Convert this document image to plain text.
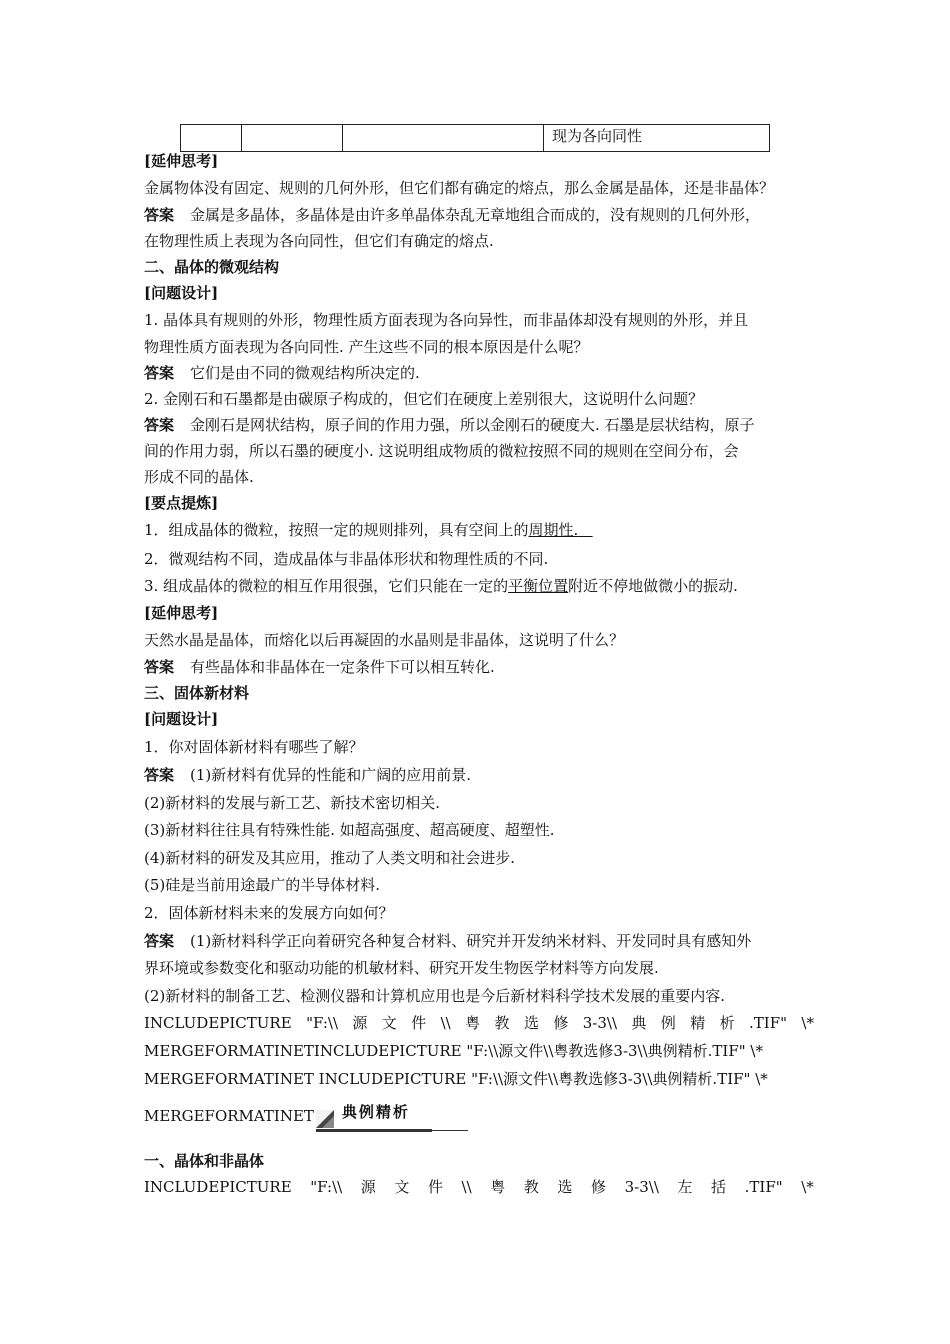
			现为各向同性
[延伸思考]
金属物体没有固定、规则的几何外形，但它们都有确定的熔点，那么金属是晶体，还是非晶体？
答案 金属是多晶体，多晶体是由许多单晶体杂乱无章地组合而成的，没有规则的几何外形，
在物理性质上表现为各向同性，但它们有确定的熔点.
二、晶体的微观结构
[问题设计]
1. 晶体具有规则的外形，物理性质方面表现为各向异性，而非晶体却没有规则的外形，并且
物理性质方面表现为各向同性. 产生这些不同的根本原因是什么呢？
答案 它们是由不同的微观结构所决定的.
2. 金刚石和石墨都是由碳原子构成的，但它们在硬度上差别很大，这说明什么问题？
答案 金刚石是网状结构，原子间的作用力强，所以金刚石的硬度大. 石墨是层状结构，原子
间的作用力弱，所以石墨的硬度小. 这说明组成物质的微粒按照不同的规则在空间分布，会
形成不同的晶体.
[要点提炼]
1．组成晶体的微粒，按照一定的规则排列，具有空间上的周期性.
2．微观结构不同，造成晶体与非晶体形状和物理性质的不同.
3. 组成晶体的微粒的相互作用很强，它们只能在一定的平衡位置附近不停地做微小的振动.
[延伸思考]
天然水晶是晶体，而熔化以后再凝固的水晶则是非晶体，这说明了什么？
答案 有些晶体和非晶体在一定条件下可以相互转化.
三、固体新材料
[问题设计]
1．你对固体新材料有哪些了解？
答案 (1)新材料有优异的性能和广阔的应用前景.
(2)新材料的发展与新工艺、新技术密切相关.
(3)新材料往往具有特殊性能. 如超高强度、超高硬度、超塑性.
(4)新材料的研发及其应用，推动了人类文明和社会进步.
(5)硅是当前用途最广的半导体材料.
2．固体新材料未来的发展方向如何？
答案 (1)新材料科学正向着研究各种复合材料、研究并开发纳米材料、开发同时具有感知外
界环境或参数变化和驱动功能的机敏材料、研究开发生物医学材料等方向发展.
(2)新材料的制备工艺、检测仪器和计算机应用也是今后新材料科学技术发展的重要内容.
INCLUDEPICTURE "F:\\ 源 文 件 \\ 粤 教 选 修 3-3\\ 典 例 精 析 .TIF" \*
MERGEFORMATINETINCLUDEPICTURE "F:\\源文件\\粤教选修3-3\\典例精析.TIF" \*
MERGEFORMATINET INCLUDEPICTURE "F:\\源文件\\粤教选修3-3\\典例精析.TIF" \*
MERGEFORMATINET 典例精析
一、晶体和非晶体
INCLUDEPICTURE "F:\\ 源 文 件 \\ 粤 教 选 修 3-3\\ 左 括 .TIF" \*
